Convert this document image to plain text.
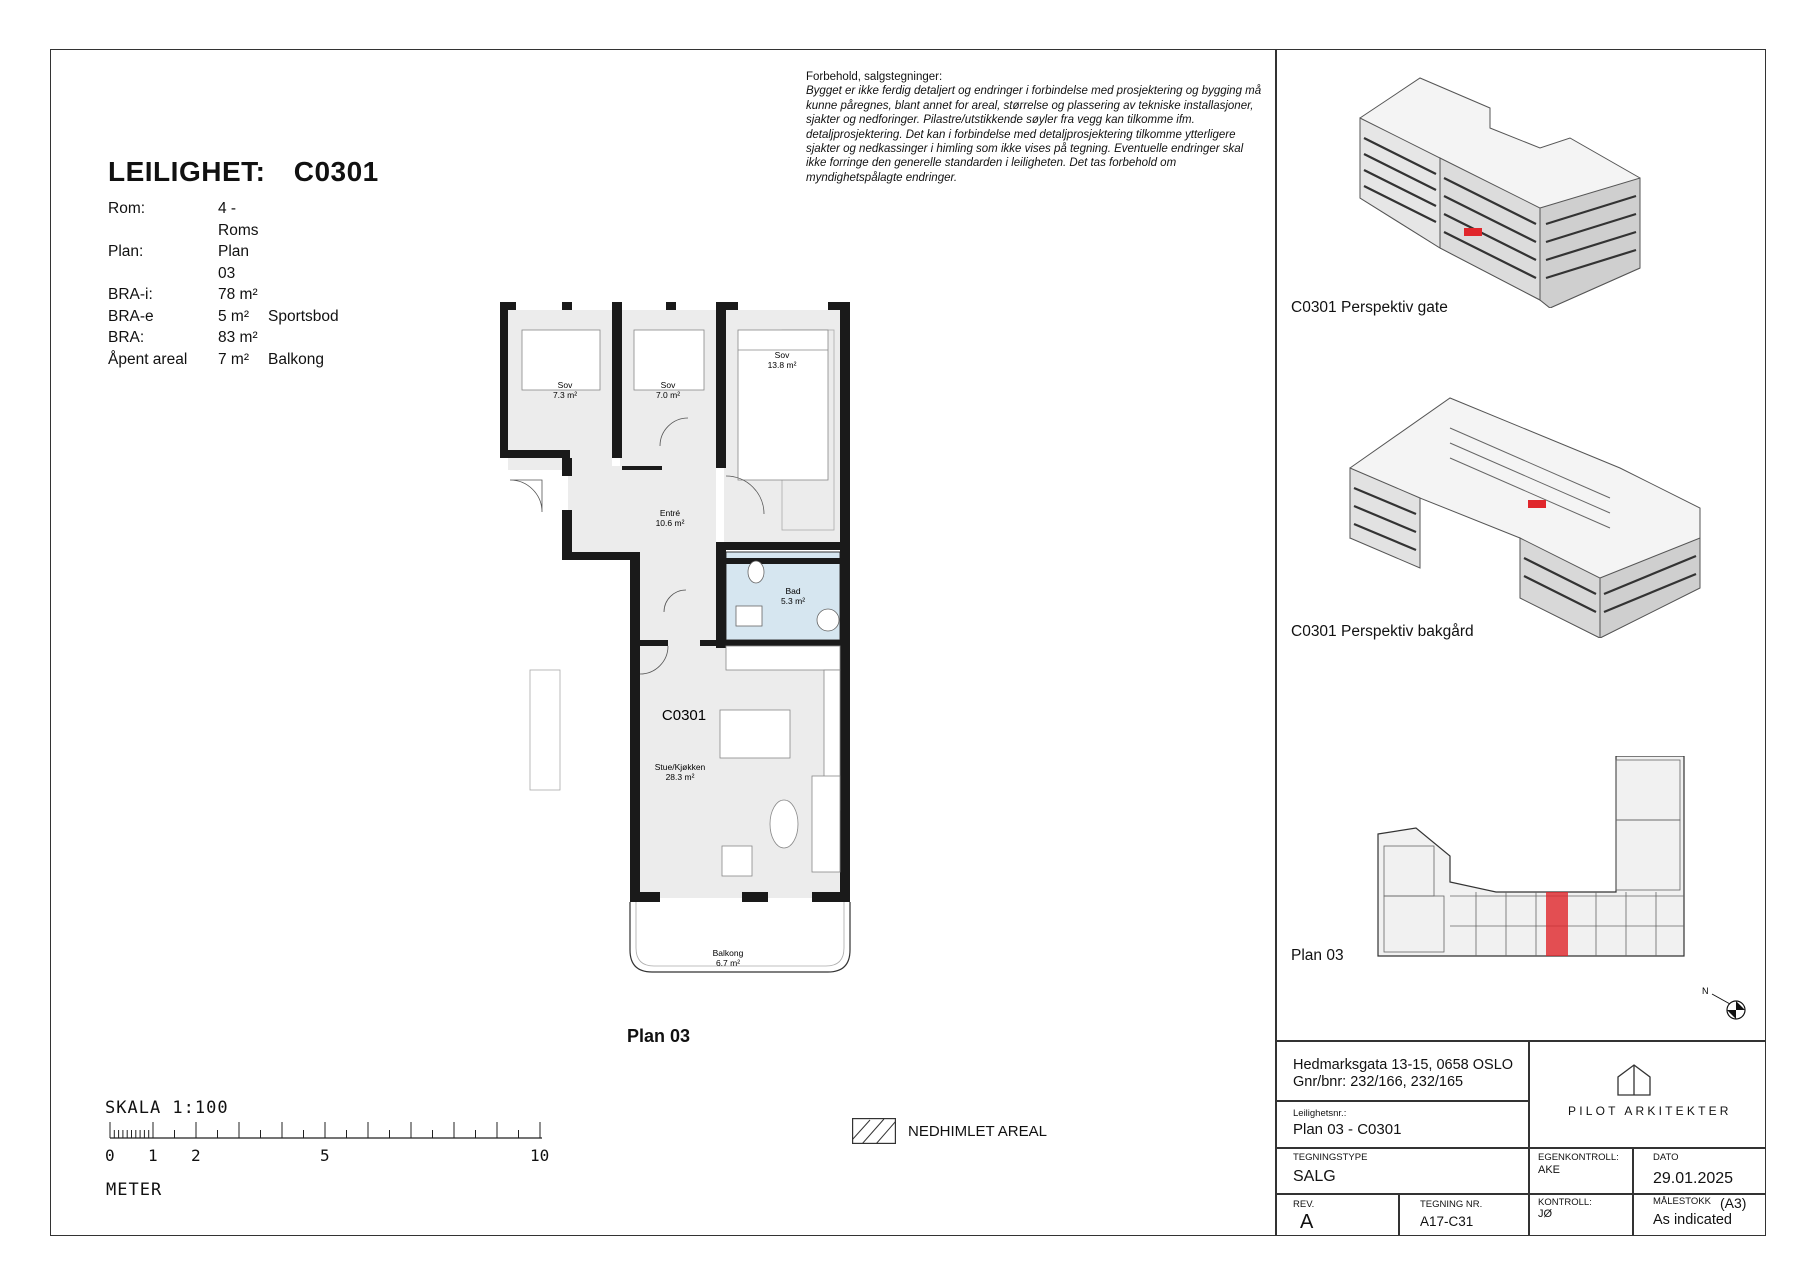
LEILIGHET: C0301
Rom:	4 - Roms
Plan:	Plan 03
BRA-i:	78 m²
BRA-e	5 m²	Sportsbod
BRA:	83 m²
Åpent areal	7 m²	Balkong
Forbehold, salgstegninger:
Bygget er ikke ferdig detaljert og endringer i forbindelse med prosjektering og bygging må kunne påregnes, blant annet for areal, størrelse og plassering av tekniske installasjoner, sjakter og nedforinger. Pilastre/utstikkende søyler fra vegg kan tilkomme ifm. detaljprosjektering. Det kan i forbindelse med detaljprosjektering tilkomme ytterligere sjakter og nedkassinger i himling som ikke vises på tegning. Eventuelle endringer skal ikke forringe den generelle standarden i leiligheten. Det tas forbehold om myndighetspålagte endringer.
Sov
7.3 m²
Sov
7.0 m²
Sov
13.8 m²
Entré
10.6 m²
Bad
5.3 m²
C0301
Stue/Kjøkken
28.3 m²
Balkong
6.7 m²
Plan 03
SKALA 1:100
0 1 2	5	10
METER
NEDHIMLET AREAL
C0301 Perspektiv gate
C0301 Perspektiv bakgård
Plan 03
N
Hedmarksgata 13-15, 0658 OSLO
Gnr/bnr: 232/166, 232/165
PILOT ARKITEKTER
Leilighetsnr.:
Plan 03 - C0301
TEGNINGSTYPE
SALG
EGENKONTROLL:
AKE
DATO
29.01.2025
REV.
A
TEGNING NR.
A17-C31
KONTROLL:
JØ
MÅLESTOKK (A3)
As indicated
